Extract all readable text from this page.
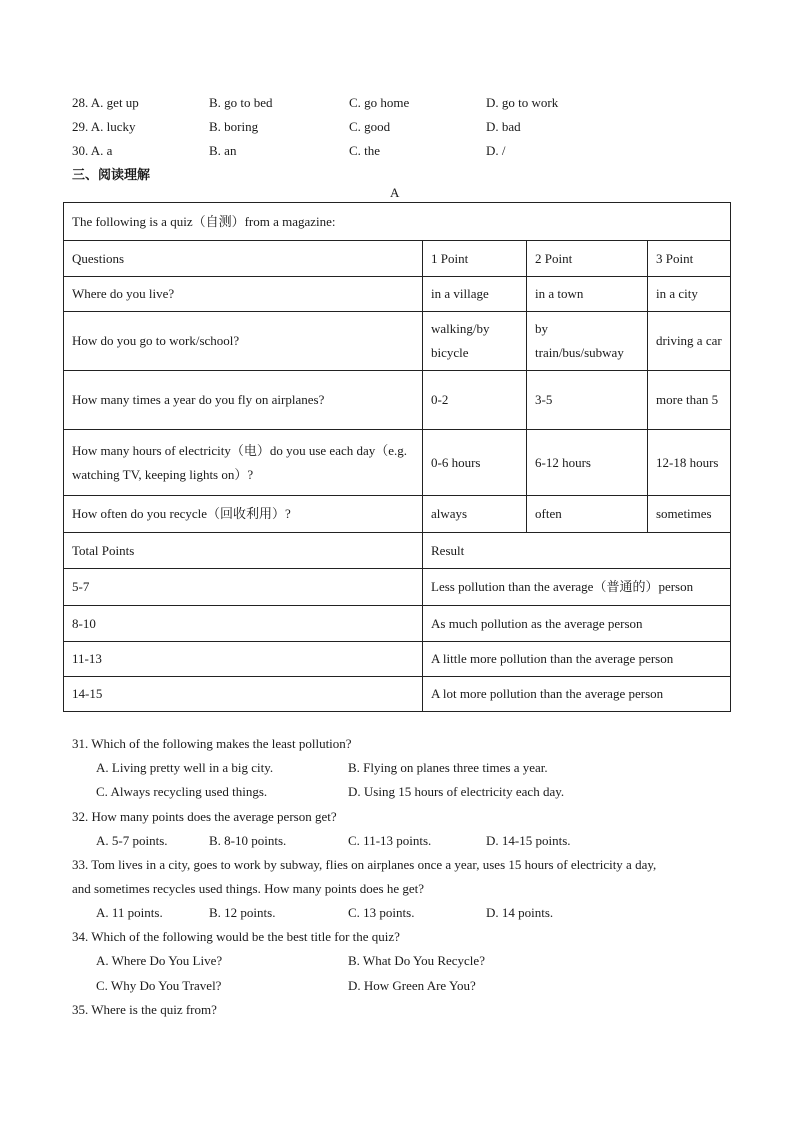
28. A. get up	B. go to bed	C. go home	D. go to work
29. A. lucky	B. boring	C. good	D. bad
30. A. a	B. an	C. the	D. /
三、阅读理解
A
The following is a quiz（自测）from a magazine:			
Questions	1 Point	2 Point	3 Point
Where do you live?	in a village	in a town	in a city
How do you go to work/school?	walking/by bicycle	by train/bus/subway	driving a car
How many times a year do you fly on airplanes?	0-2	3-5	more than 5
How many hours of electricity（电）do you use each day（e.g. watching TV, keeping lights on）?	0-6 hours	6-12 hours	12-18 hours
How often do you recycle（回收利用）?	always	often	sometimes
Total Points	Result		
5-7	Less pollution than the average（普通的）person		
8-10	As much pollution as the average person		
11-13	A little more pollution than the average person		
14-15	A lot more pollution than the average person		
31. Which of the following makes the least pollution?
A. Living pretty well in a big city.	B. Flying on planes three times a year.
C. Always recycling used things.	D. Using 15 hours of electricity each day.
32. How many points does the average person get?
A. 5-7 points.	B. 8-10 points.	C. 11-13 points.	D. 14-15 points.
33. Tom lives in a city, goes to work by subway, flies on airplanes once a year, uses 15 hours of electricity a day,
and sometimes recycles used things. How many points does he get?
A. 11 points.	B. 12 points.	C. 13 points.	D. 14 points.
34. Which of the following would be the best title for the quiz?
A. Where Do You Live?	B. What Do You Recycle?
C. Why Do You Travel?	D. How Green Are You?
35. Where is the quiz from?
